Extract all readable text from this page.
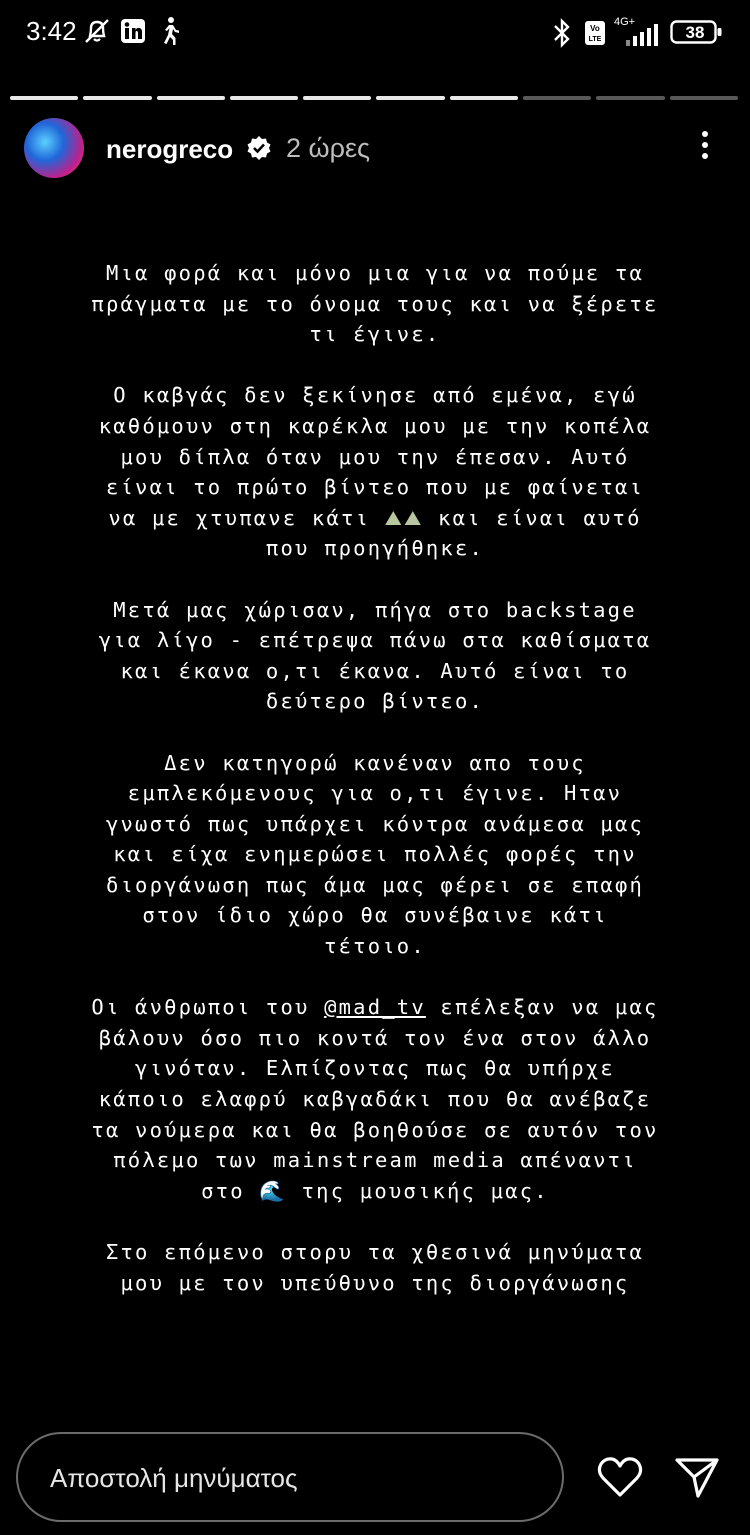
3:42	Vo
LTE
4G+
38
nerogreco 2 ώρες

Μια φορά και μόνο μια για να πούμε τα
πράγματα με το όνομα τους και να ξέρετε
τι έγινε.

Ο καβγάς δεν ξεκίνησε από εμένα, εγώ
καθόμουν στη καρέκλα μου με την κοπέλα
μου δίπλα όταν μου την έπεσαν. Αυτό
είναι το πρώτο βίντεο που με φαίνεται
να με χτυπανε κάτι ⛰⛰ και είναι αυτό
που προηγήθηκε.

Μετά μας χώρισαν, πήγα στο backstage
για λίγο - επέτρεψα πάνω στα καθίσματα
και έκανα ο,τι έκανα. Αυτό είναι το
δεύτερο βίντεο.

Δεν κατηγορώ κανέναν απο τους
εμπλεκόμενους για ο,τι έγινε. Ηταν
γνωστό πως υπάρχει κόντρα ανάμεσα μας
και είχα ενημερώσει πολλές φορές την
διοργάνωση πως άμα μας φέρει σε επαφή
στον ίδιο χώρο θα συνέβαινε κάτι
τέτοιο.

Οι άνθρωποι του @mad_tv επέλεξαν να μας
βάλουν όσο πιο κοντά τον ένα στον άλλο
γινόταν. Ελπίζοντας πως θα υπήρχε
κάποιο ελαφρύ καβγαδάκι που θα ανέβαζε
τα νούμερα και θα βοηθούσε σε αυτόν τον
πόλεμο των mainstream media απέναντι
στο 🌊 της μουσικής μας.

Στο επόμενο στορυ τα χθεσινά μηνύματα
μου με τον υπεύθυνο της διοργάνωσης

Αποστολή μηνύματος
